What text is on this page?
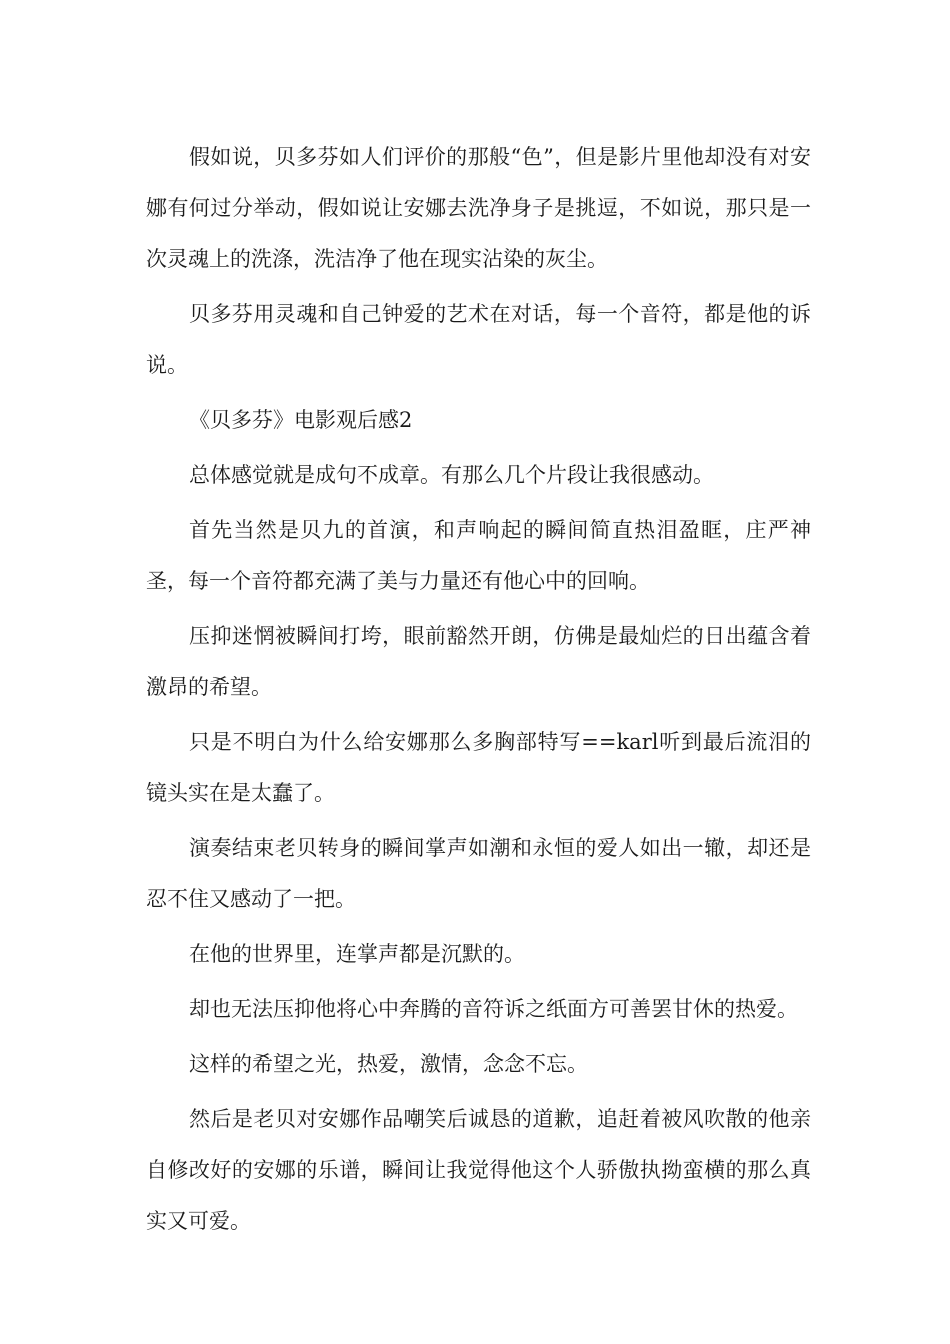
假如说，贝多芬如人们评价的那般“色”，但是影片里他却没有对安娜有何过分举动，假如说让安娜去洗净身子是挑逗，不如说，那只是一次灵魂上的洗涤，洗洁净了他在现实沾染的灰尘。

贝多芬用灵魂和自己钟爱的艺术在对话，每一个音符，都是他的诉说。

《贝多芬》电影观后感2

总体感觉就是成句不成章。有那么几个片段让我很感动。

首先当然是贝九的首演，和声响起的瞬间简直热泪盈眶，庄严神圣，每一个音符都充满了美与力量还有他心中的回响。

压抑迷惘被瞬间打垮，眼前豁然开朗，仿佛是最灿烂的日出蕴含着激昂的希望。

只是不明白为什么给安娜那么多胸部特写==karl听到最后流泪的镜头实在是太蠢了。

演奏结束老贝转身的瞬间掌声如潮和永恒的爱人如出一辙，却还是忍不住又感动了一把。

在他的世界里，连掌声都是沉默的。

却也无法压抑他将心中奔腾的音符诉之纸面方可善罢甘休的热爱。

这样的希望之光，热爱，激情，念念不忘。

然后是老贝对安娜作品嘲笑后诚恳的道歉，追赶着被风吹散的他亲自修改好的安娜的乐谱，瞬间让我觉得他这个人骄傲执拗蛮横的那么真实又可爱。
